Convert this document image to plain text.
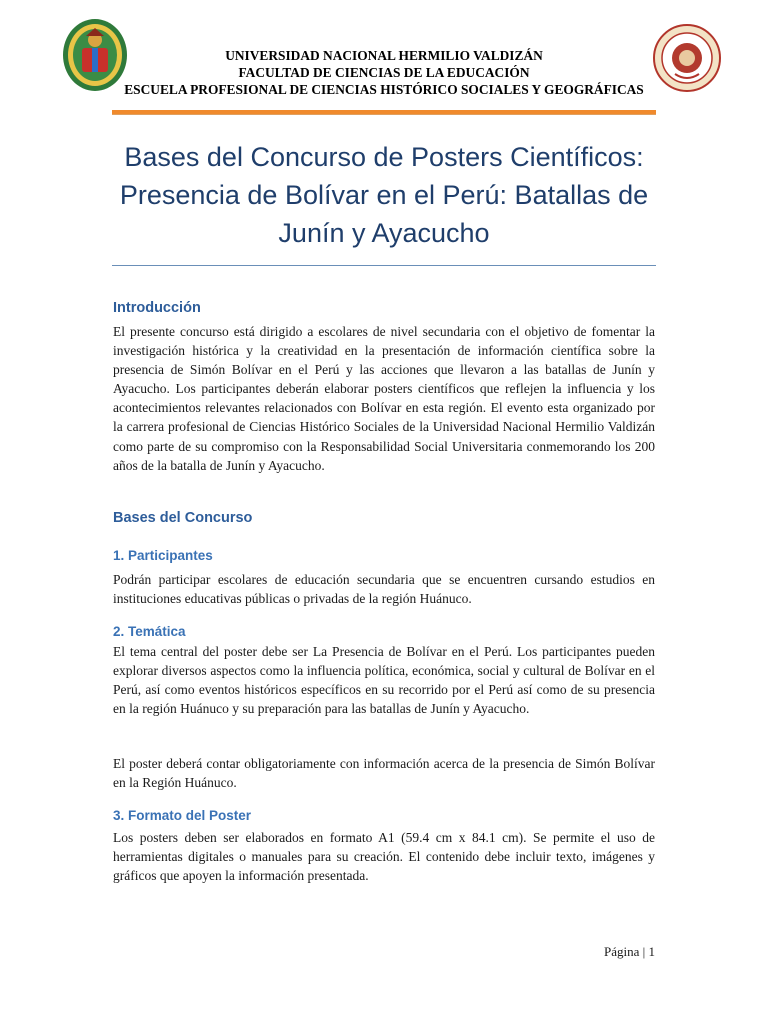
UNIVERSIDAD NACIONAL HERMILIO VALDIZÁN
FACULTAD DE CIENCIAS DE LA EDUCACIÓN
ESCUELA PROFESIONAL DE CIENCIAS HISTÓRICO SOCIALES Y GEOGRÁFICAS
Bases del Concurso de Posters Científicos: Presencia de Bolívar en el Perú: Batallas de Junín y Ayacucho
Introducción
El presente concurso está dirigido a escolares de nivel secundaria con el objetivo de fomentar la investigación histórica y la creatividad en la presentación de información científica sobre la presencia de Simón Bolívar en el Perú y las acciones que llevaron a las batallas de Junín y Ayacucho. Los participantes deberán elaborar posters científicos que reflejen la influencia y los acontecimientos relevantes relacionados con Bolívar en esta región. El evento esta organizado por la carrera profesional de Ciencias Histórico Sociales de la Universidad Nacional Hermilio Valdizán como parte de su compromiso con la Responsabilidad Social Universitaria conmemorando los 200 años de la batalla de Junín y Ayacucho.
Bases del Concurso
1. Participantes
Podrán participar escolares de educación secundaria que se encuentren cursando estudios en instituciones educativas públicas o privadas de la región Huánuco.
2. Temática
El tema central del poster debe ser La Presencia de Bolívar en el Perú. Los participantes pueden explorar diversos aspectos como la influencia política, económica, social y cultural de Bolívar en el Perú, así como eventos históricos específicos en su recorrido por el Perú así como de su presencia en la región Huánuco y su preparación para las batallas de Junín y Ayacucho.
El poster deberá contar obligatoriamente con información acerca de la presencia de Simón Bolívar en la Región Huánuco.
3. Formato del Poster
Los posters deben ser elaborados en formato A1 (59.4 cm x 84.1 cm). Se permite el uso de herramientas digitales o manuales para su creación. El contenido debe incluir texto, imágenes y gráficos que apoyen la información presentada.
Página | 1
